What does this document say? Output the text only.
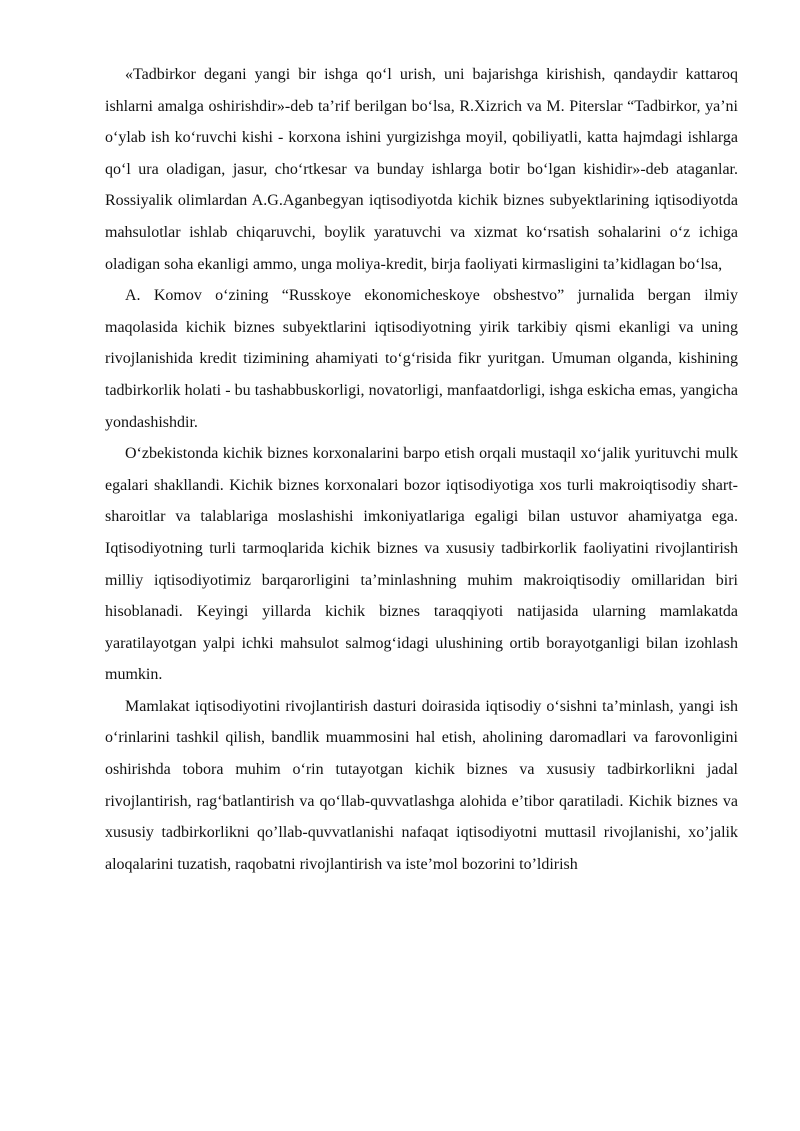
«Tadbirkor degani yangi bir ishga qo‘l urish, uni bajarishga kirishish, qandaydir kattaroq ishlarni amalga oshirishdir»-deb ta’rif berilgan bo‘lsa, R.Xizrich va M. Piterslar “Tadbirkor, ya’ni o‘ylab ish ko‘ruvchi kishi - korxona ishini yurgizishga moyil, qobiliyatli, katta hajmdagi ishlarga qo‘l ura oladigan, jasur, cho‘rtkesar va bunday ishlarga botir bo‘lgan kishidir»-deb ataganlar. Rossiyalik olimlardan A.G.Aganbegyan iqtisodiyotda kichik biznes subyektlarining iqtisodiyotda mahsulotlar ishlab chiqaruvchi, boylik yaratuvchi va xizmat ko‘rsatish sohalarini o‘z ichiga oladigan soha ekanligi ammo, unga moliya-kredit, birja faoliyati kirmasligini ta’kidlagan bo‘lsa,

A. Komov o‘zining “Russkoye ekonomicheskoye obshestvo” jurnalida bergan ilmiy maqolasida kichik biznes subyektlarini iqtisodiyotning yirik tarkibiy qismi ekanligi va uning rivojlanishida kredit tizimining ahamiyati to‘g‘risida fikr yuritgan. Umuman olganda, kishining tadbirkorlik holati - bu tashabbuskorligi, novatorligi, manfaatdorligi, ishga eskicha emas, yangicha yondashishdir.

O‘zbekistonda kichik biznes korxonalarini barpo etish orqali mustaqil xo‘jalik yurituvchi mulk egalari shakllandi. Kichik biznes korxonalari bozor iqtisodiyotiga xos turli makroiqtisodiy shart-sharoitlar va talablariga moslashishi imkoniyatlariga egaligi bilan ustuvor ahamiyatga ega. Iqtisodiyotning turli tarmoqlarida kichik biznes va xususiy tadbirkorlik faoliyatini rivojlantirish milliy iqtisodiyotimiz barqarorligini ta’minlashning muhim makroiqtisodiy omillaridan biri hisoblanadi. Keyingi yillarda kichik biznes taraqqiyoti natijasida ularning mamlakatda yaratilayotgan yalpi ichki mahsulot salmog‘idagi ulushining ortib borayotganligi bilan izohlash mumkin.

Mamlakat iqtisodiyotini rivojlantirish dasturi doirasida iqtisodiy o‘sishni ta’minlash, yangi ish o‘rinlarini tashkil qilish, bandlik muammosini hal etish, aholining daromadlari va farovonligini oshirishda tobora muhim o‘rin tutayotgan kichik biznes va xususiy tadbirkorlikni jadal rivojlantirish, rag‘batlantirish va qo‘llab-quvvatlashga alohida e’tibor qaratiladi. Kichik biznes va xususiy tadbirkorlikni qo’llab-quvvatlanishi nafaqat iqtisodiyotni muttasil rivojlanishi, xo’jalik aloqalarini tuzatish, raqobatni rivojlantirish va iste’mol bozorini to’ldirish
